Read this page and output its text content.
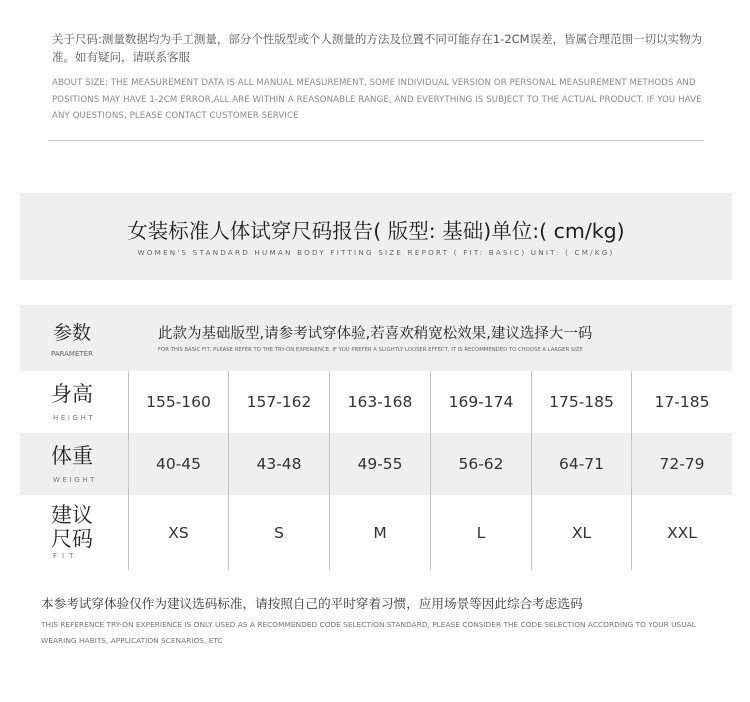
关于尺码:测量数据均为手工测量，部分个性版型或个人测量的方法及位置不同可能存在1-2CM误差，皆属合理范围一切以实物为准。如有疑问，请联系客服

ABOUT SIZE: THE MEASUREMENT DATA IS ALL MANUAL MEASUREMENT, SOME INDIVIDUAL VERSION OR PERSONAL MEASUREMENT METHODS AND POSITIONS MAY HAVE 1-2CM ERROR,ALL ARE WITHIN A REASONABLE RANGE, AND EVERYTHING IS SUBJECT TO THE ACTUAL PRODUCT. IF YOU HAVE ANY QUESTIONS, PLEASE CONTACT CUSTOMER SERVICE

女装标准人体试穿尺码报告( 版型: 基础)单位:( cm/kg)
WOMEN'S STANDARD HUMAN BODY FITTING SIZE REPORT ( FIT: BASIC) UNIT: ( CM/KG)
参数
PARAMETER
此款为基础版型,请参考试穿体验,若喜欢稍宽松效果,建议选择大一码
FOR THIS BASIC FIT, PLEASE REFER TO THE TRY-ON EXPERIENCE, IF YOU PREFER A SLIGHTLY LOOSER EFFECT, IT IS RECOMMENDED TO CHOOSE A LARGER SIZE
身高
HEIGHT
155-160	157-162	163-168	169-174	175-185	17-185
体重
WEIGHT
40-45	43-48	49-55	56-62	64-71	72-79
建议
尺码
FIT
XS	S	M	L	XL	XXL

本参考试穿体验仅作为建议选码标准，请按照自己的平时穿着习惯，应用场景等因此综合考虑选码

THIS REFERENCE TRY-ON EXPERIENCE IS ONLY USED AS A RECOMMENDED CODE SELECTION STANDARD, PLEASE CONSIDER THE CODE SELECTION ACCORDING TO YOUR USUAL WEARING HABITS, APPLICATION SCENARIOS, ETC
